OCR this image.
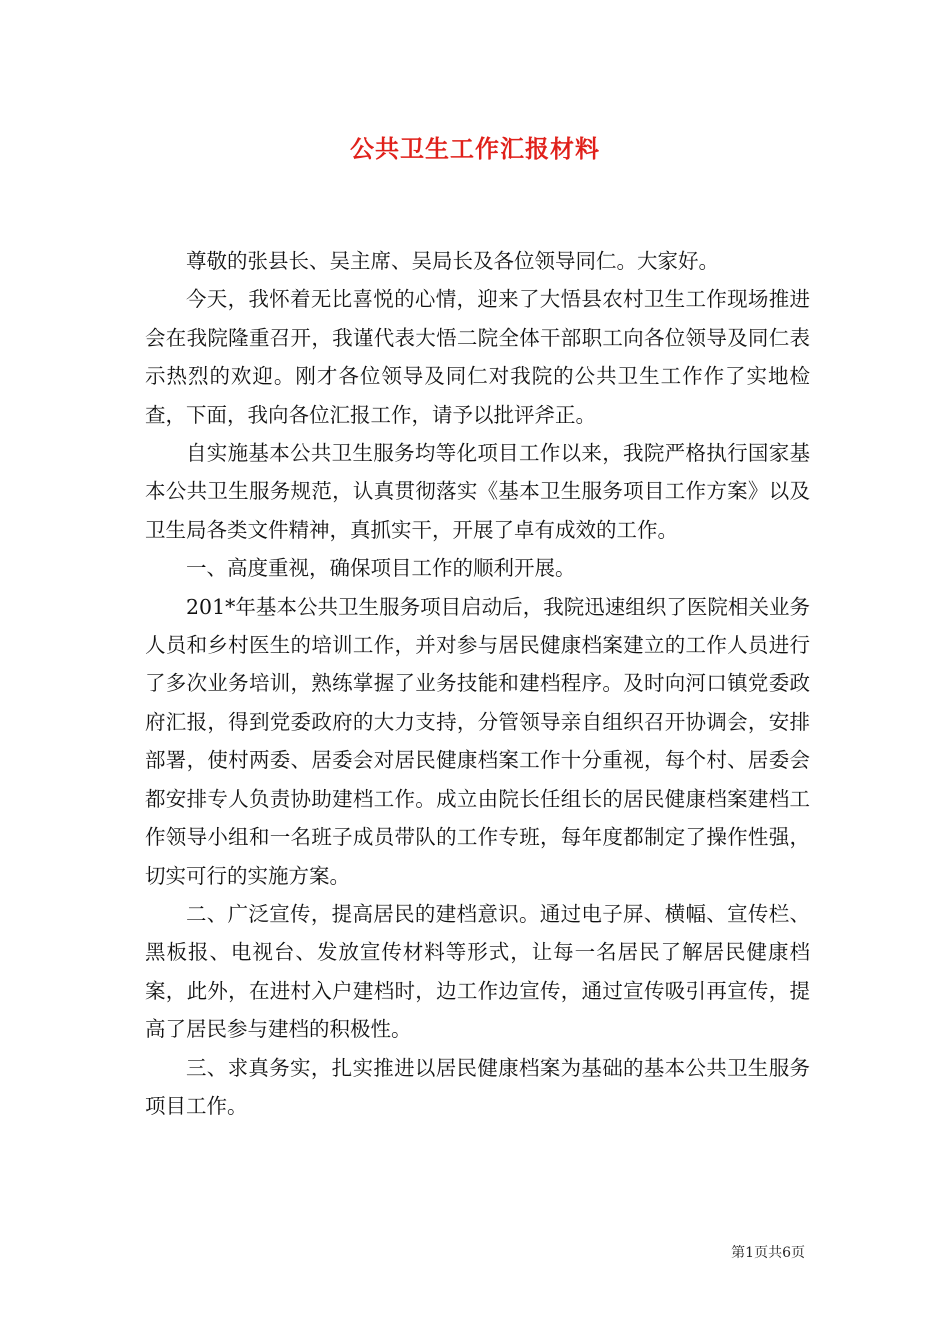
公共卫生工作汇报材料

尊敬的张县长、吴主席、吴局长及各位领导同仁。大家好。

今天，我怀着无比喜悦的心情，迎来了大悟县农村卫生工作现场推进会在我院隆重召开，我谨代表大悟二院全体干部职工向各位领导及同仁表示热烈的欢迎。刚才各位领导及同仁对我院的公共卫生工作作了实地检查，下面，我向各位汇报工作，请予以批评斧正。

自实施基本公共卫生服务均等化项目工作以来，我院严格执行国家基本公共卫生服务规范，认真贯彻落实《基本卫生服务项目工作方案》以及卫生局各类文件精神，真抓实干，开展了卓有成效的工作。

一、高度重视，确保项目工作的顺利开展。

201*年基本公共卫生服务项目启动后，我院迅速组织了医院相关业务人员和乡村医生的培训工作，并对参与居民健康档案建立的工作人员进行了多次业务培训，熟练掌握了业务技能和建档程序。及时向河口镇党委政府汇报，得到党委政府的大力支持，分管领导亲自组织召开协调会，安排部署，使村两委、居委会对居民健康档案工作十分重视，每个村、居委会都安排专人负责协助建档工作。成立由院长任组长的居民健康档案建档工作领导小组和一名班子成员带队的工作专班，每年度都制定了操作性强，切实可行的实施方案。

二、广泛宣传，提高居民的建档意识。通过电子屏、横幅、宣传栏、黑板报、电视台、发放宣传材料等形式，让每一名居民了解居民健康档案，此外，在进村入户建档时，边工作边宣传，通过宣传吸引再宣传，提高了居民参与建档的积极性。

三、求真务实，扎实推进以居民健康档案为基础的基本公共卫生服务项目工作。

第1页共6页
